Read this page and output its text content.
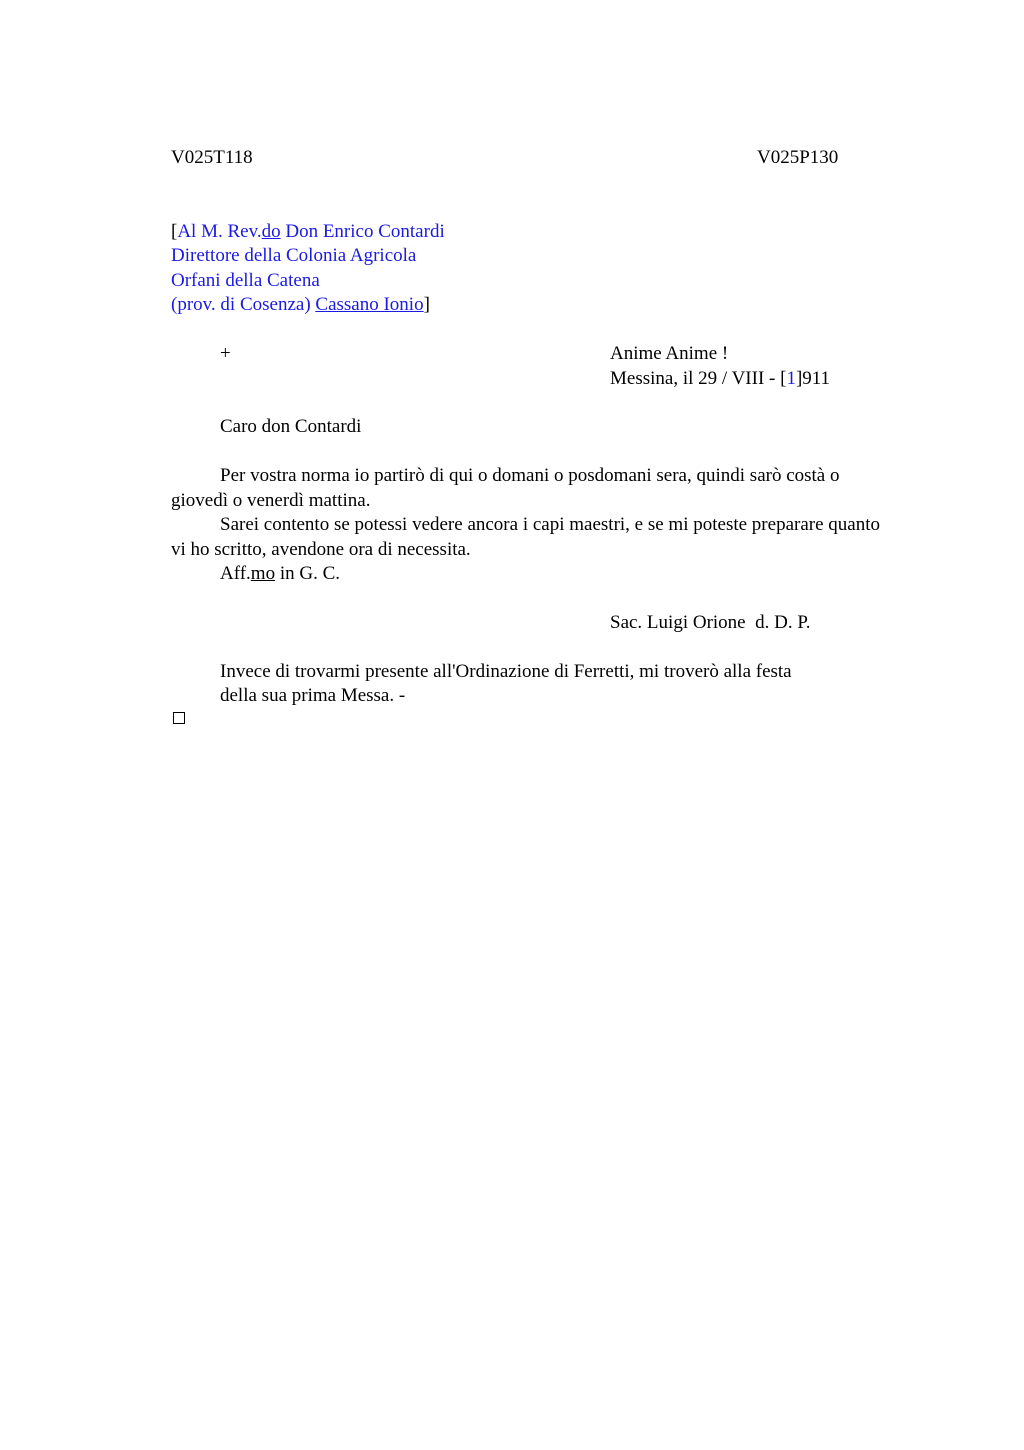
V025T118	V025P130
[Al M. Rev.do Don Enrico Contardi
Direttore della Colonia Agricola
Orfani della Catena
(prov. di Cosenza) Cassano Ionio]
+	Anime Anime !
Messina, il 29 / VIII - [1]911
Caro don Contardi
Per vostra norma io partirò di qui o domani o posdomani sera, quindi sarò costà o giovedì o venerdì mattina.
Sarei contento se potessi vedere ancora i capi maestri, e se mi poteste preparare quanto vi ho scritto, avendone ora di necessita.
Aff.mo in G. C.
Sac. Luigi Orione  d. D. P.
Invece di trovarmi presente all'Ordinazione di Ferretti, mi troverò alla festa
della sua prima Messa. -
